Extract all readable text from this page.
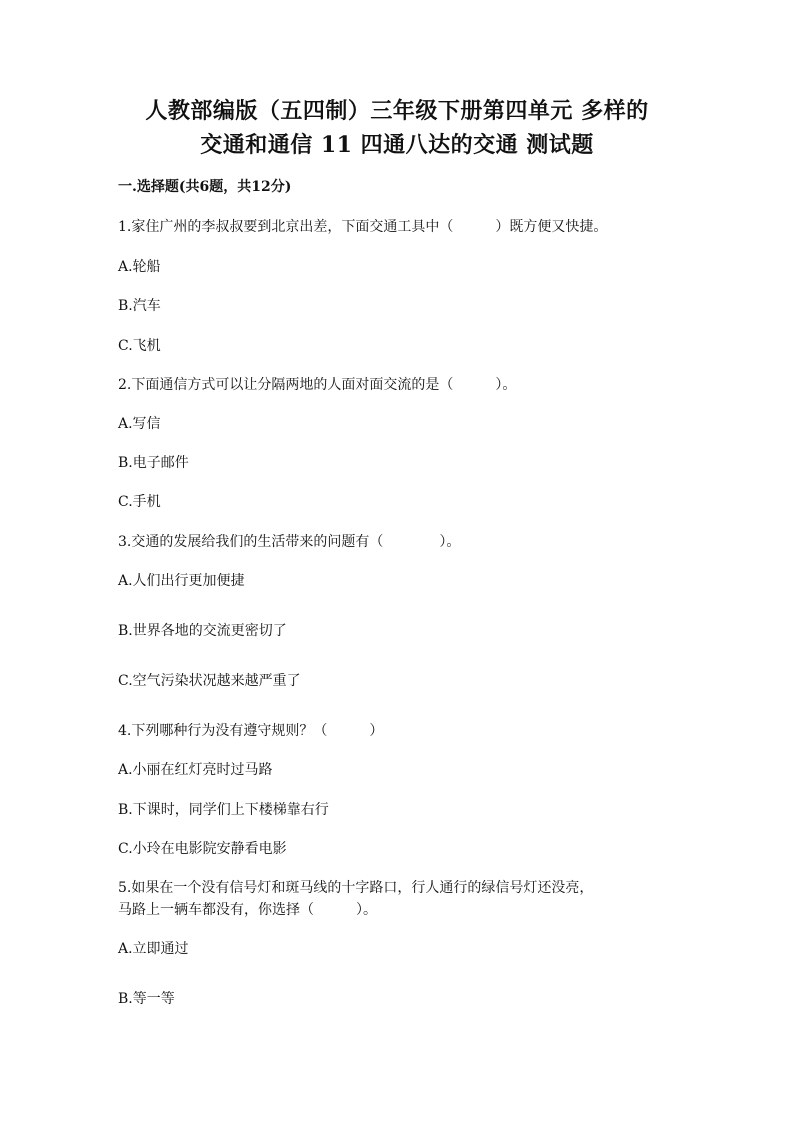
人教部编版（五四制）三年级下册第四单元 多样的
交通和通信 11 四通八达的交通 测试题
一.选择题(共6题，共12分)
1.家住广州的李叔叔要到北京出差，下面交通工具中（　　　）既方便又快捷。
A.轮船
B.汽车
C.飞机
2.下面通信方式可以让分隔两地的人面对面交流的是（　　　）。
A.写信
B.电子邮件
C.手机
3.交通的发展给我们的生活带来的问题有（　　　　）。
A.人们出行更加便捷
B.世界各地的交流更密切了
C.空气污染状况越来越严重了
4.下列哪种行为没有遵守规则？（　　　）
A.小丽在红灯亮时过马路
B.下课时，同学们上下楼梯靠右行
C.小玲在电影院安静看电影
5.如果在一个没有信号灯和斑马线的十字路口，行人通行的绿信号灯还没亮，
马路上一辆车都没有，你选择（　　　）。
A.立即通过
B.等一等
